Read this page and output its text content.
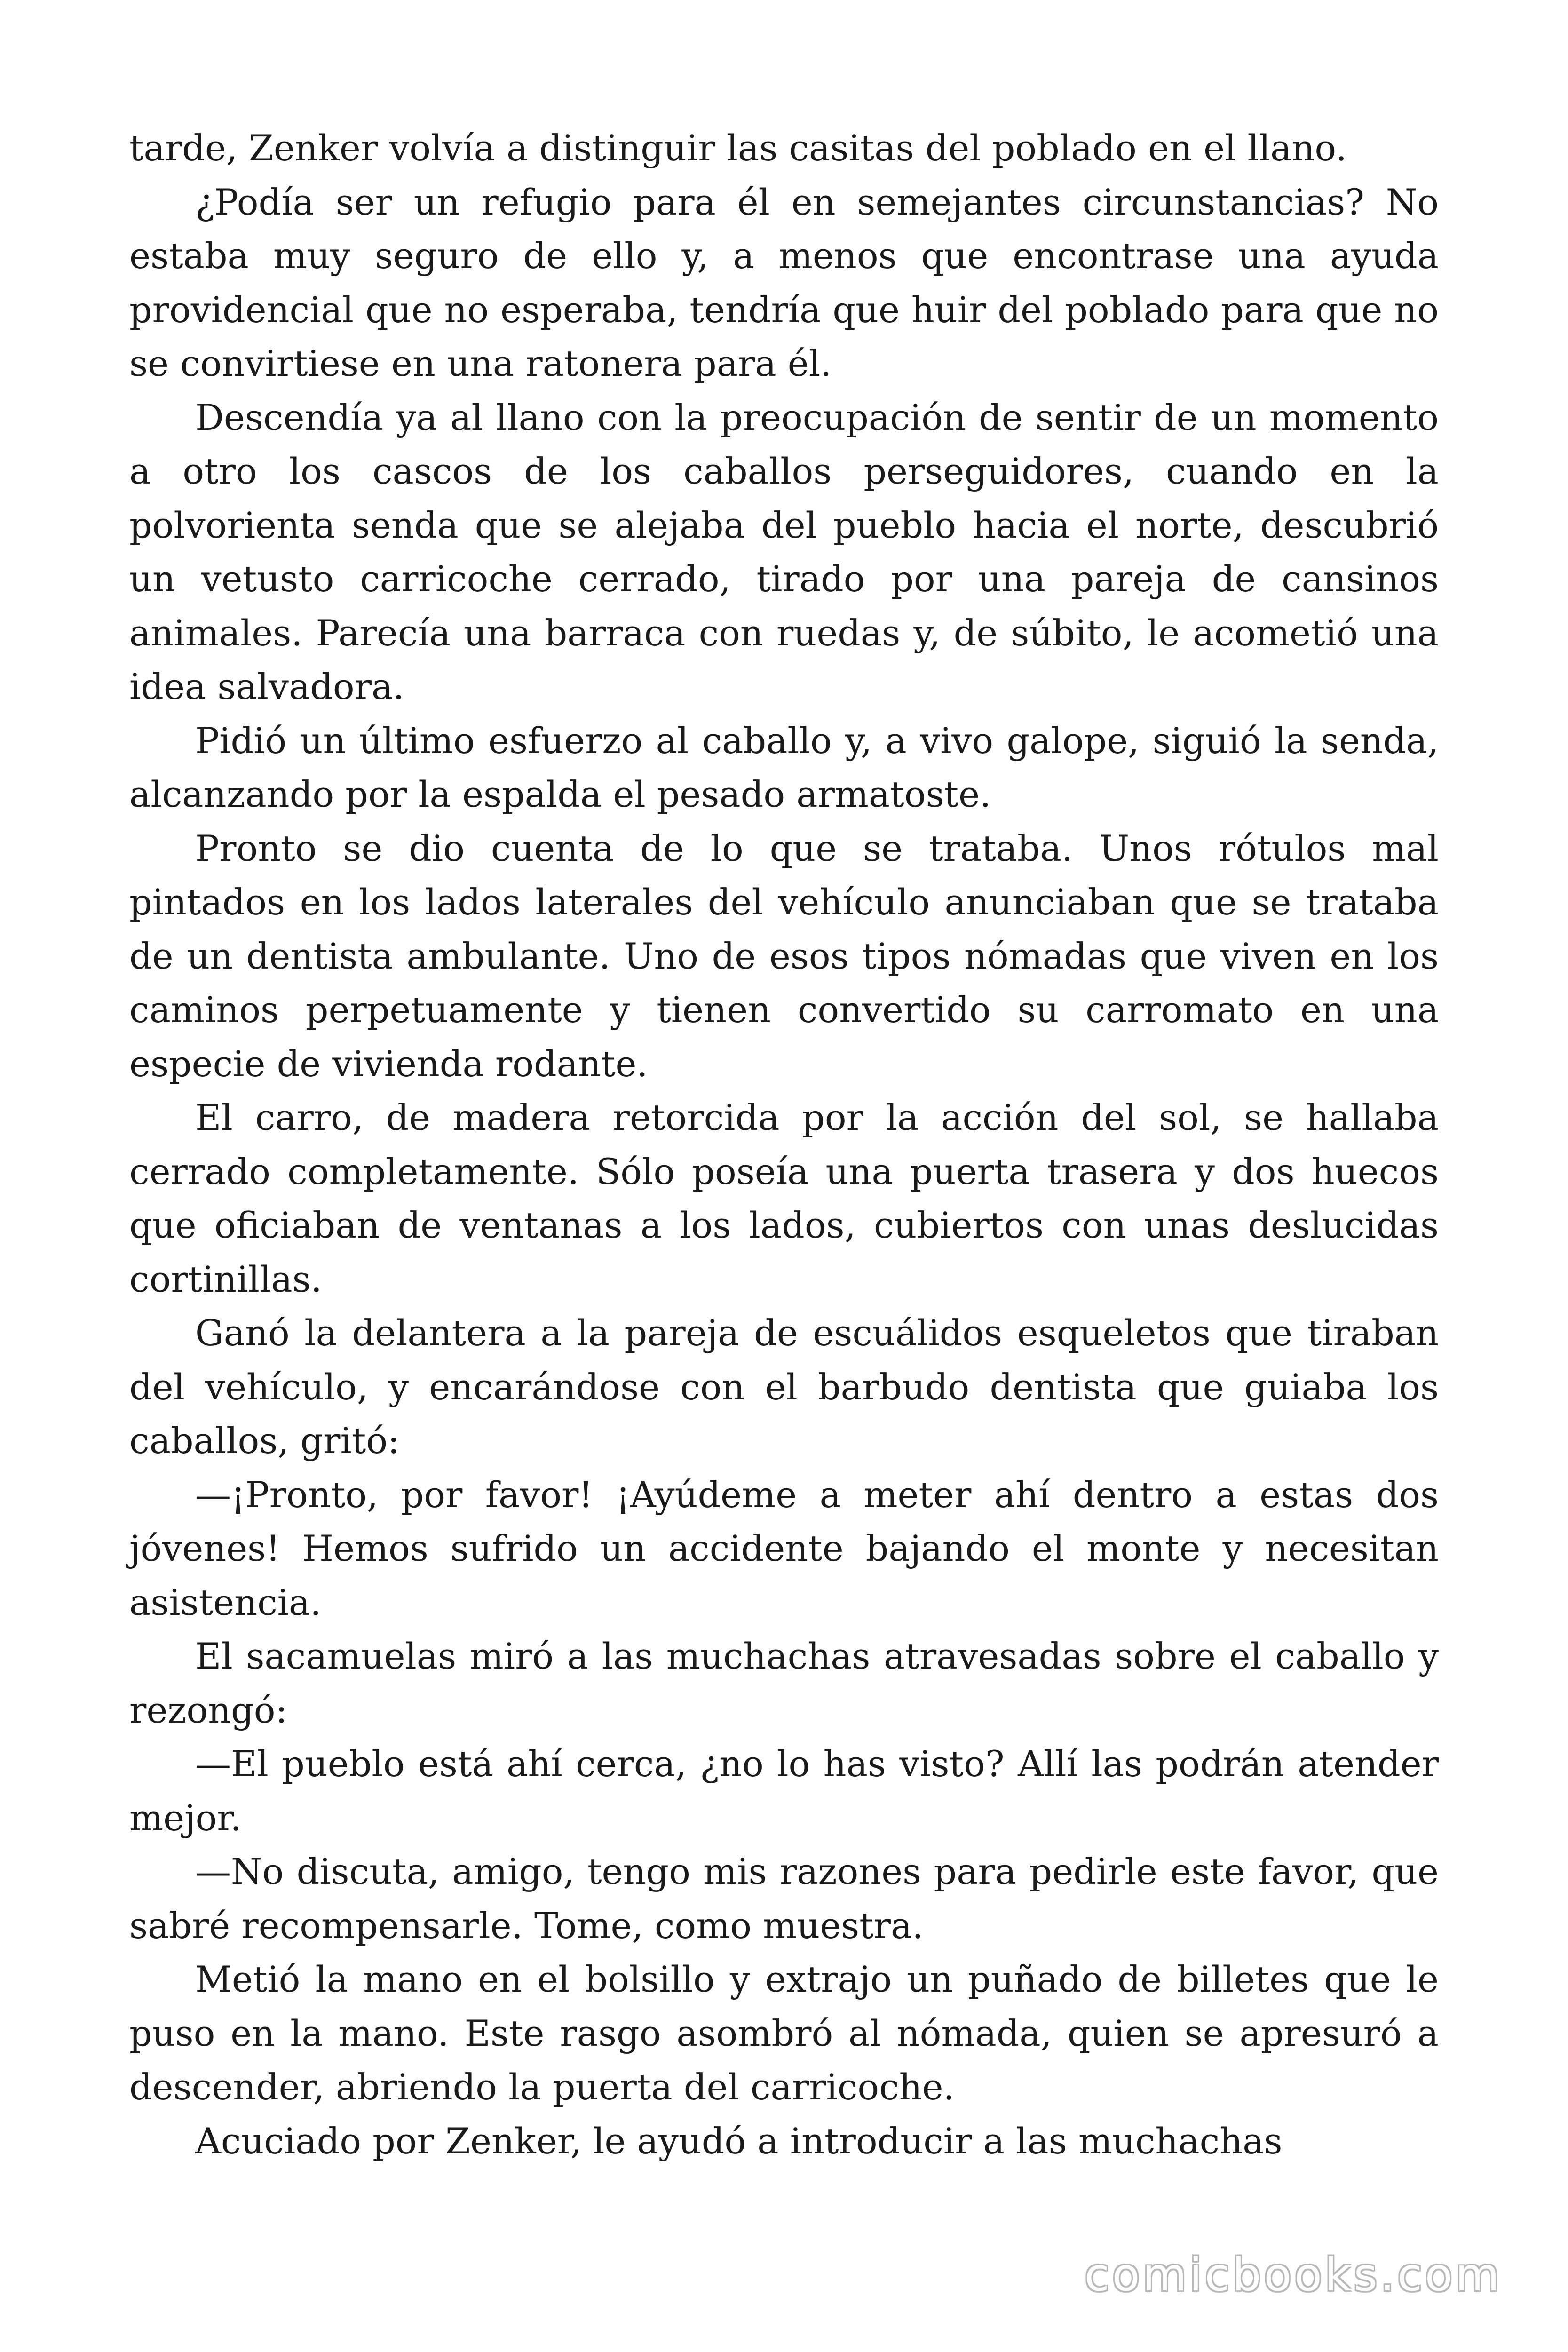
tarde, Zenker volvía a distinguir las casitas del poblado en el llano.

¿Podía ser un refugio para él en semejantes circunstancias? No estaba muy seguro de ello y, a menos que encontrase una ayuda providencial que no esperaba, tendría que huir del poblado para que no se convirtiese en una ratonera para él.

Descendía ya al llano con la preocupación de sentir de un momento a otro los cascos de los caballos perseguidores, cuando en la polvorienta senda que se alejaba del pueblo hacia el norte, descubrió un vetusto carricoche cerrado, tirado por una pareja de cansinos animales. Parecía una barraca con ruedas y, de súbito, le acometió una idea salvadora.

Pidió un último esfuerzo al caballo y, a vivo galope, siguió la senda, alcanzando por la espalda el pesado armatoste.

Pronto se dio cuenta de lo que se trataba. Unos rótulos mal pintados en los lados laterales del vehículo anunciaban que se trataba de un dentista ambulante. Uno de esos tipos nómadas que viven en los caminos perpetuamente y tienen convertido su carromato en una especie de vivienda rodante.

El carro, de madera retorcida por la acción del sol, se hallaba cerrado completamente. Sólo poseía una puerta trasera y dos huecos que oficiaban de ventanas a los lados, cubiertos con unas deslucidas cortinillas.

Ganó la delantera a la pareja de escuálidos esqueletos que tiraban del vehículo, y encarándose con el barbudo dentista que guiaba los caballos, gritó:

—¡Pronto, por favor! ¡Ayúdeme a meter ahí dentro a estas dos jóvenes! Hemos sufrido un accidente bajando el monte y necesitan asistencia.

El sacamuelas miró a las muchachas atravesadas sobre el caballo y rezongó:

—El pueblo está ahí cerca, ¿no lo has visto? Allí las podrán atender mejor.

—No discuta, amigo, tengo mis razones para pedirle este favor, que sabré recompensarle. Tome, como muestra.

Metió la mano en el bolsillo y extrajo un puñado de billetes que le puso en la mano. Este rasgo asombró al nómada, quien se apresuró a descender, abriendo la puerta del carricoche.

Acuciado por Zenker, le ayudó a introducir a las muchachas

comicbooks.com
